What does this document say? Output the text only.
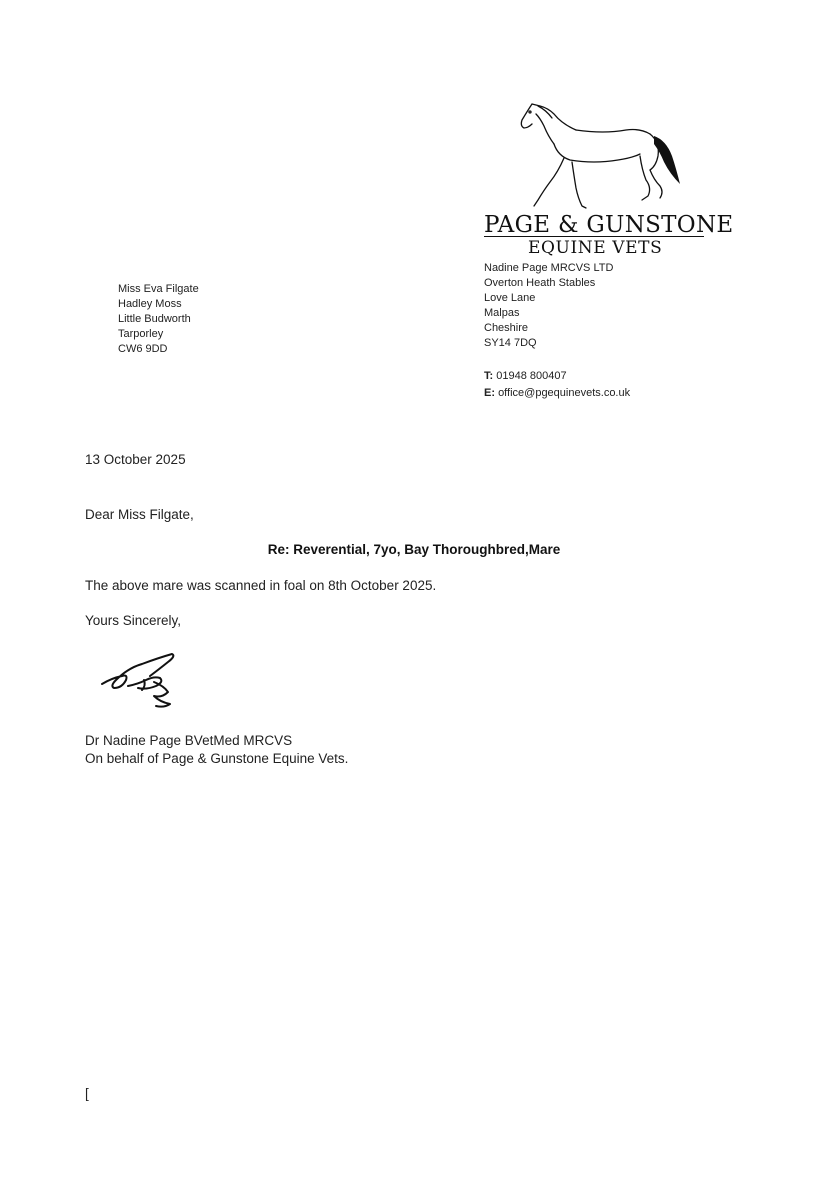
PAGE & GUNSTONE
EQUINE VETS
Nadine Page MRCVS LTD
Overton Heath Stables
Love Lane
Malpas
Cheshire
SY14 7DQ
T: 01948 800407
E: office@pgequinevets.co.uk
Miss Eva Filgate
Hadley Moss
Little Budworth
Tarporley
CW6 9DD
13 October 2025
Dear Miss Filgate,
Re: Reverential, 7yo, Bay Thoroughbred,Mare
The above mare was scanned in foal on 8th October 2025.
Yours Sincerely,
Dr Nadine Page BVetMed MRCVS
On behalf of Page & Gunstone Equine Vets.
[
